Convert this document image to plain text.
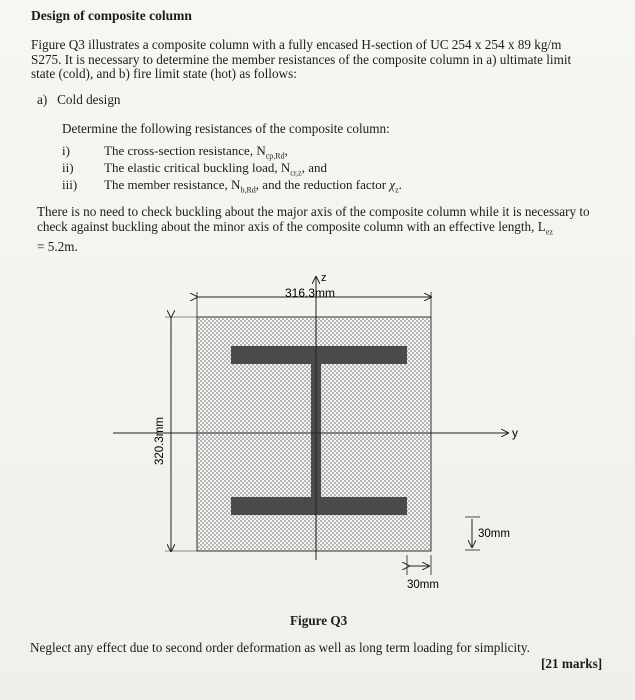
Design of composite column
Figure Q3 illustrates a composite column with a fully encased H-section of UC 254 x 254 x 89 kg/m S275. It is necessary to determine the member resistances of the composite column in a) ultimate limit state (cold), and b) fire limit state (hot) as follows:
a) Cold design
Determine the following resistances of the composite column:
i)	The cross-section resistance, $N_{cp,Rd}$,
ii) The elastic critical buckling load, $N_{cr,z}$, and
iii) The member resistance, $N_{b,Rd}$, and the reduction factor $\chi_z$.
There is no need to check buckling about the major axis of the composite column while it is necessary to check against buckling about the minor axis of the composite column with an effective length, $L_{ez}$
= 5.2m.
z
y
316.3mm
320.3mm
30mm
30mm
Figure Q3
Neglect any effect due to second order deformation as well as long term loading for simplicity.
[21 marks]
